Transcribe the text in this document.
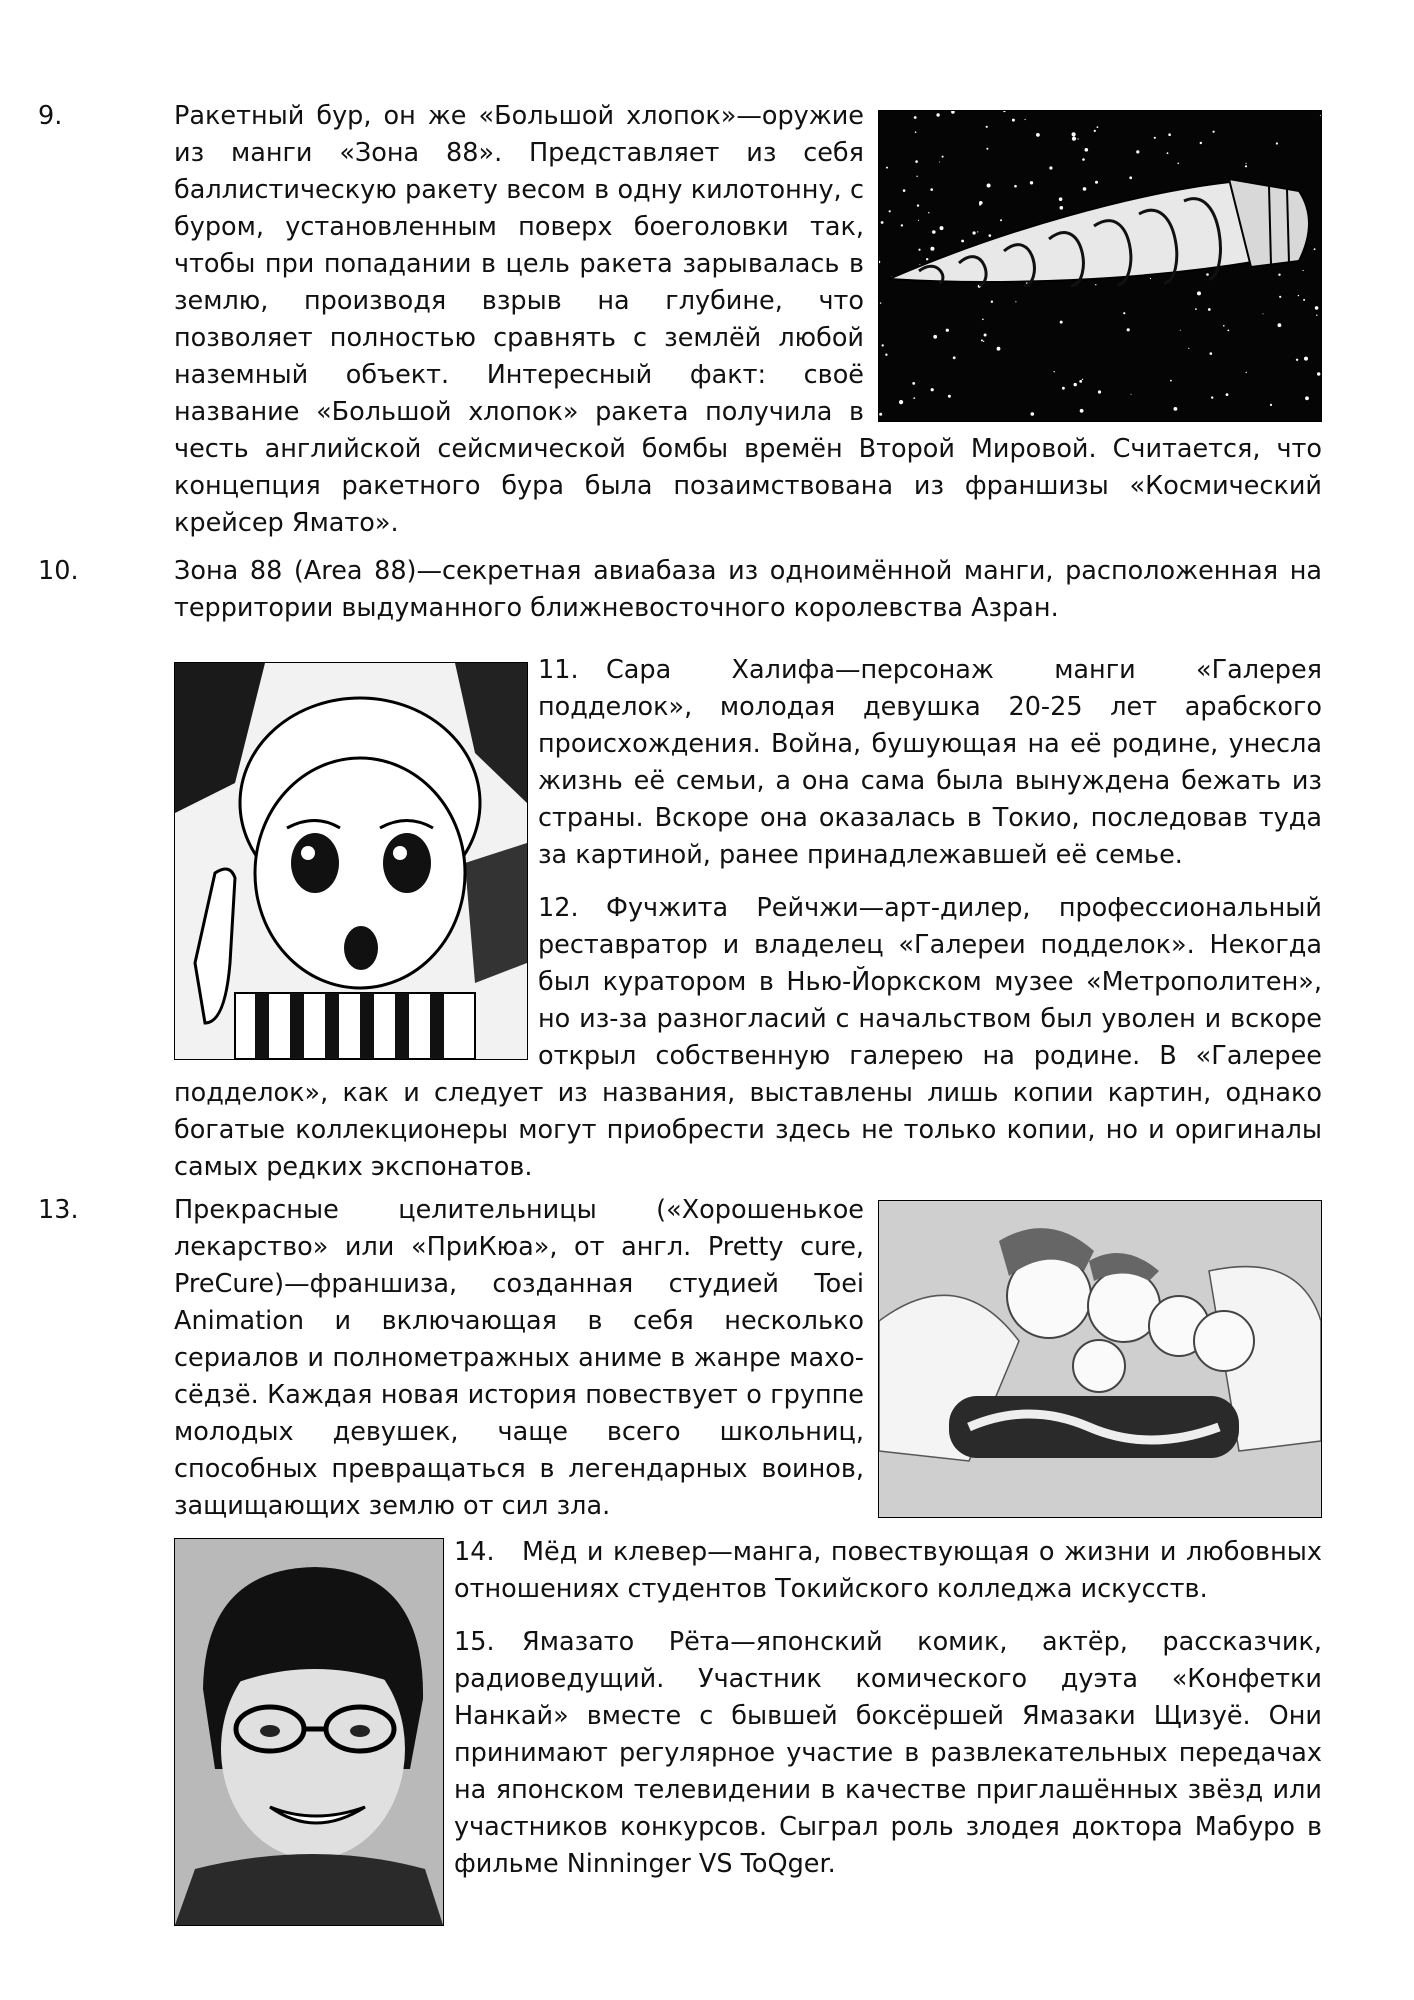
9.	Ракетный бур, он же «Большой хлопок»—оружие из манги «Зона 88». Представляет из себя баллистическую ракету весом в одну килотонну, с буром, установленным поверх боеголовки так, чтобы при попадании в цель ракета зарывалась в землю, производя взрыв на глубине, что позволяет полностью сравнять с землёй любой наземный объект. Интересный факт: своё название «Большой хлопок» ракета получила в честь английской сейсмической бомбы времён Второй Мировой. Считается, что концепция ракетного бура была позаимствована из франшизы «Космический крейсер Ямато».

10.	Зона 88 (Area 88)—секретная авиабаза из одноимённой манги, расположенная на территории выдуманного ближневосточного королевства Азран.

11. Сара Халифа—персонаж манги «Галерея подделок», молодая девушка 20-25 лет арабского происхождения. Война, бушующая на её родине, унесла жизнь её семьи, а она сама была вынуждена бежать из страны. Вскоре она оказалась в Токио, последовав туда за картиной, ранее принадлежавшей её семье.

12. Фучжита Рейчжи—арт-дилер, профессиональный реставратор и владелец «Галереи подделок». Некогда был куратором в Нью-Йоркском музее «Метрополитен», но из-за разногласий с начальством был уволен и вскоре открыл собственную галерею на родине. В «Галерее подделок», как и следует из названия, выставлены лишь копии картин, однако богатые коллекционеры могут приобрести здесь не только копии, но и оригиналы самых редких экспонатов.

13.	Прекрасные целительницы («Хорошенькое лекарство» или «ПриКюа», от англ. Pretty cure, PreCure)—франшиза, созданная студией Toei Animation и включающая в себя несколько сериалов и полнометражных аниме в жанре махо-сёдзё. Каждая новая история повествует о группе молодых девушек, чаще всего школьниц, способных превращаться в легендарных воинов, защищающих землю от сил зла.

14. Мёд и клевер—манга, повествующая о жизни и любовных отношениях студентов Токийского колледжа искусств.

15. Ямазато Рёта—японский комик, актёр, рассказчик, радиоведущий. Участник комического дуэта «Конфетки Нанкай» вместе с бывшей боксёршей Ямазаки Щизуё. Они принимают регулярное участие в развлекательных передачах на японском телевидении в качестве приглашённых звёзд или участников конкурсов. Сыграл роль злодея доктора Мабуро в фильме Ninninger VS ToQger.
